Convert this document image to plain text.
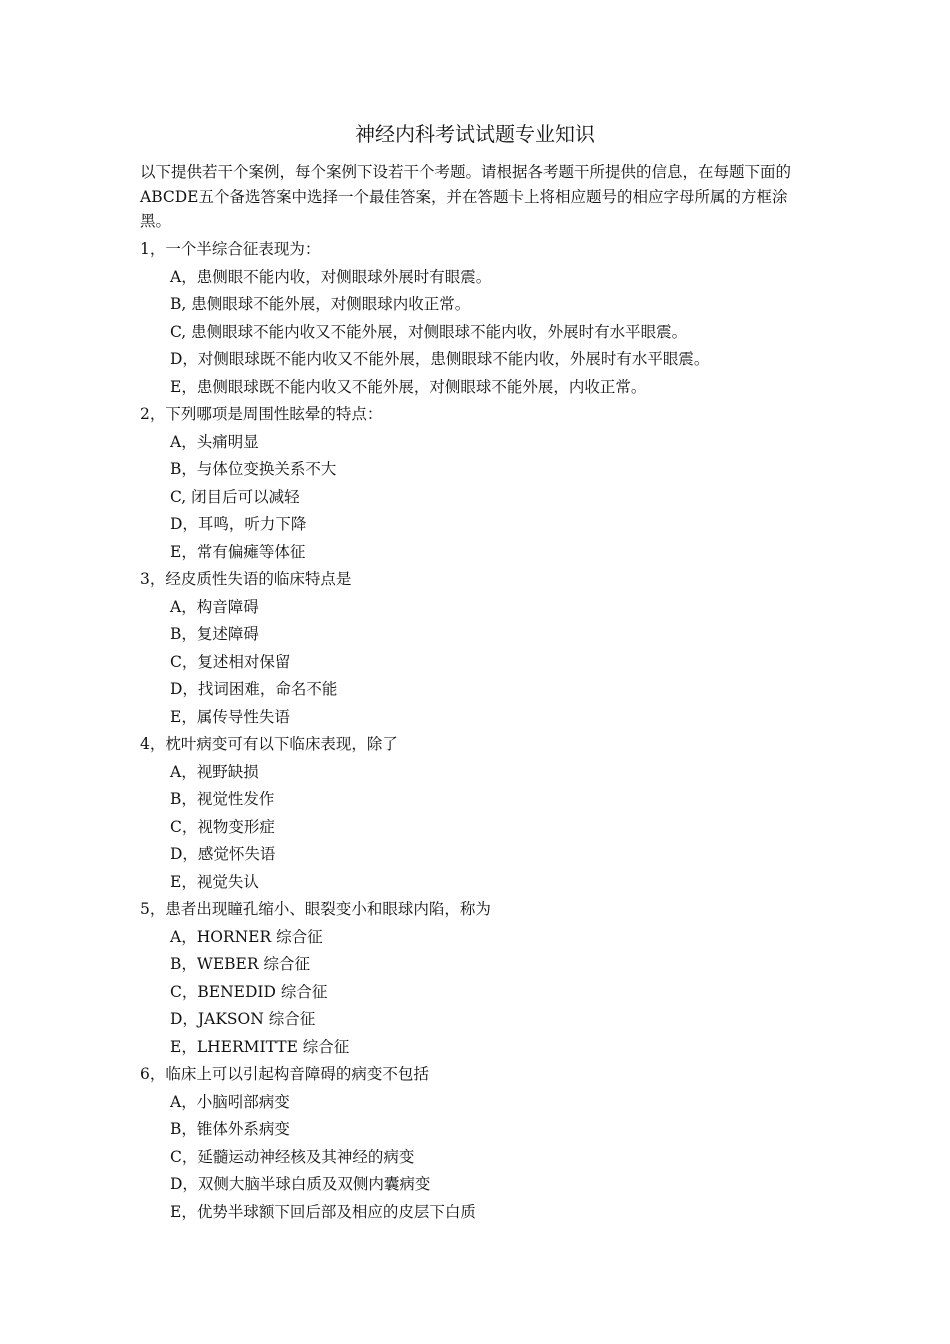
神经内科考试试题专业知识
以下提供若干个案例，每个案例下设若干个考题。请根据各考题干所提供的信息，在每题下面的ABCDE五个备选答案中选择一个最佳答案，并在答题卡上将相应题号的相应字母所属的方框涂黑。
1，一个半综合征表现为：
A，患侧眼不能内收，对侧眼球外展时有眼震。
B, 患侧眼球不能外展，对侧眼球内收正常。
C, 患侧眼球不能内收又不能外展，对侧眼球不能内收，外展时有水平眼震。
D，对侧眼球既不能内收又不能外展，患侧眼球不能内收，外展时有水平眼震。
E，患侧眼球既不能内收又不能外展，对侧眼球不能外展，内收正常。
2，下列哪项是周围性眩晕的特点：
A，头痛明显
B，与体位变换关系不大
C, 闭目后可以减轻
D，耳鸣，听力下降
E，常有偏瘫等体征
3，经皮质性失语的临床特点是
A，构音障碍
B，复述障碍
C，复述相对保留
D，找词困难，命名不能
E，属传导性失语
4，枕叶病变可有以下临床表现，除了
A，视野缺损
B，视觉性发作
C，视物变形症
D，感觉怀失语
E，视觉失认
5，患者出现瞳孔缩小、眼裂变小和眼球内陷，称为
A，HORNER 综合征
B，WEBER 综合征
C，BENEDID 综合征
D，JAKSON 综合征
E，LHERMITTE 综合征
6，临床上可以引起构音障碍的病变不包括
A，小脑吲部病变
B，锥体外系病变
C，延髓运动神经核及其神经的病变
D，双侧大脑半球白质及双侧内囊病变
E，优势半球额下回后部及相应的皮层下白质
